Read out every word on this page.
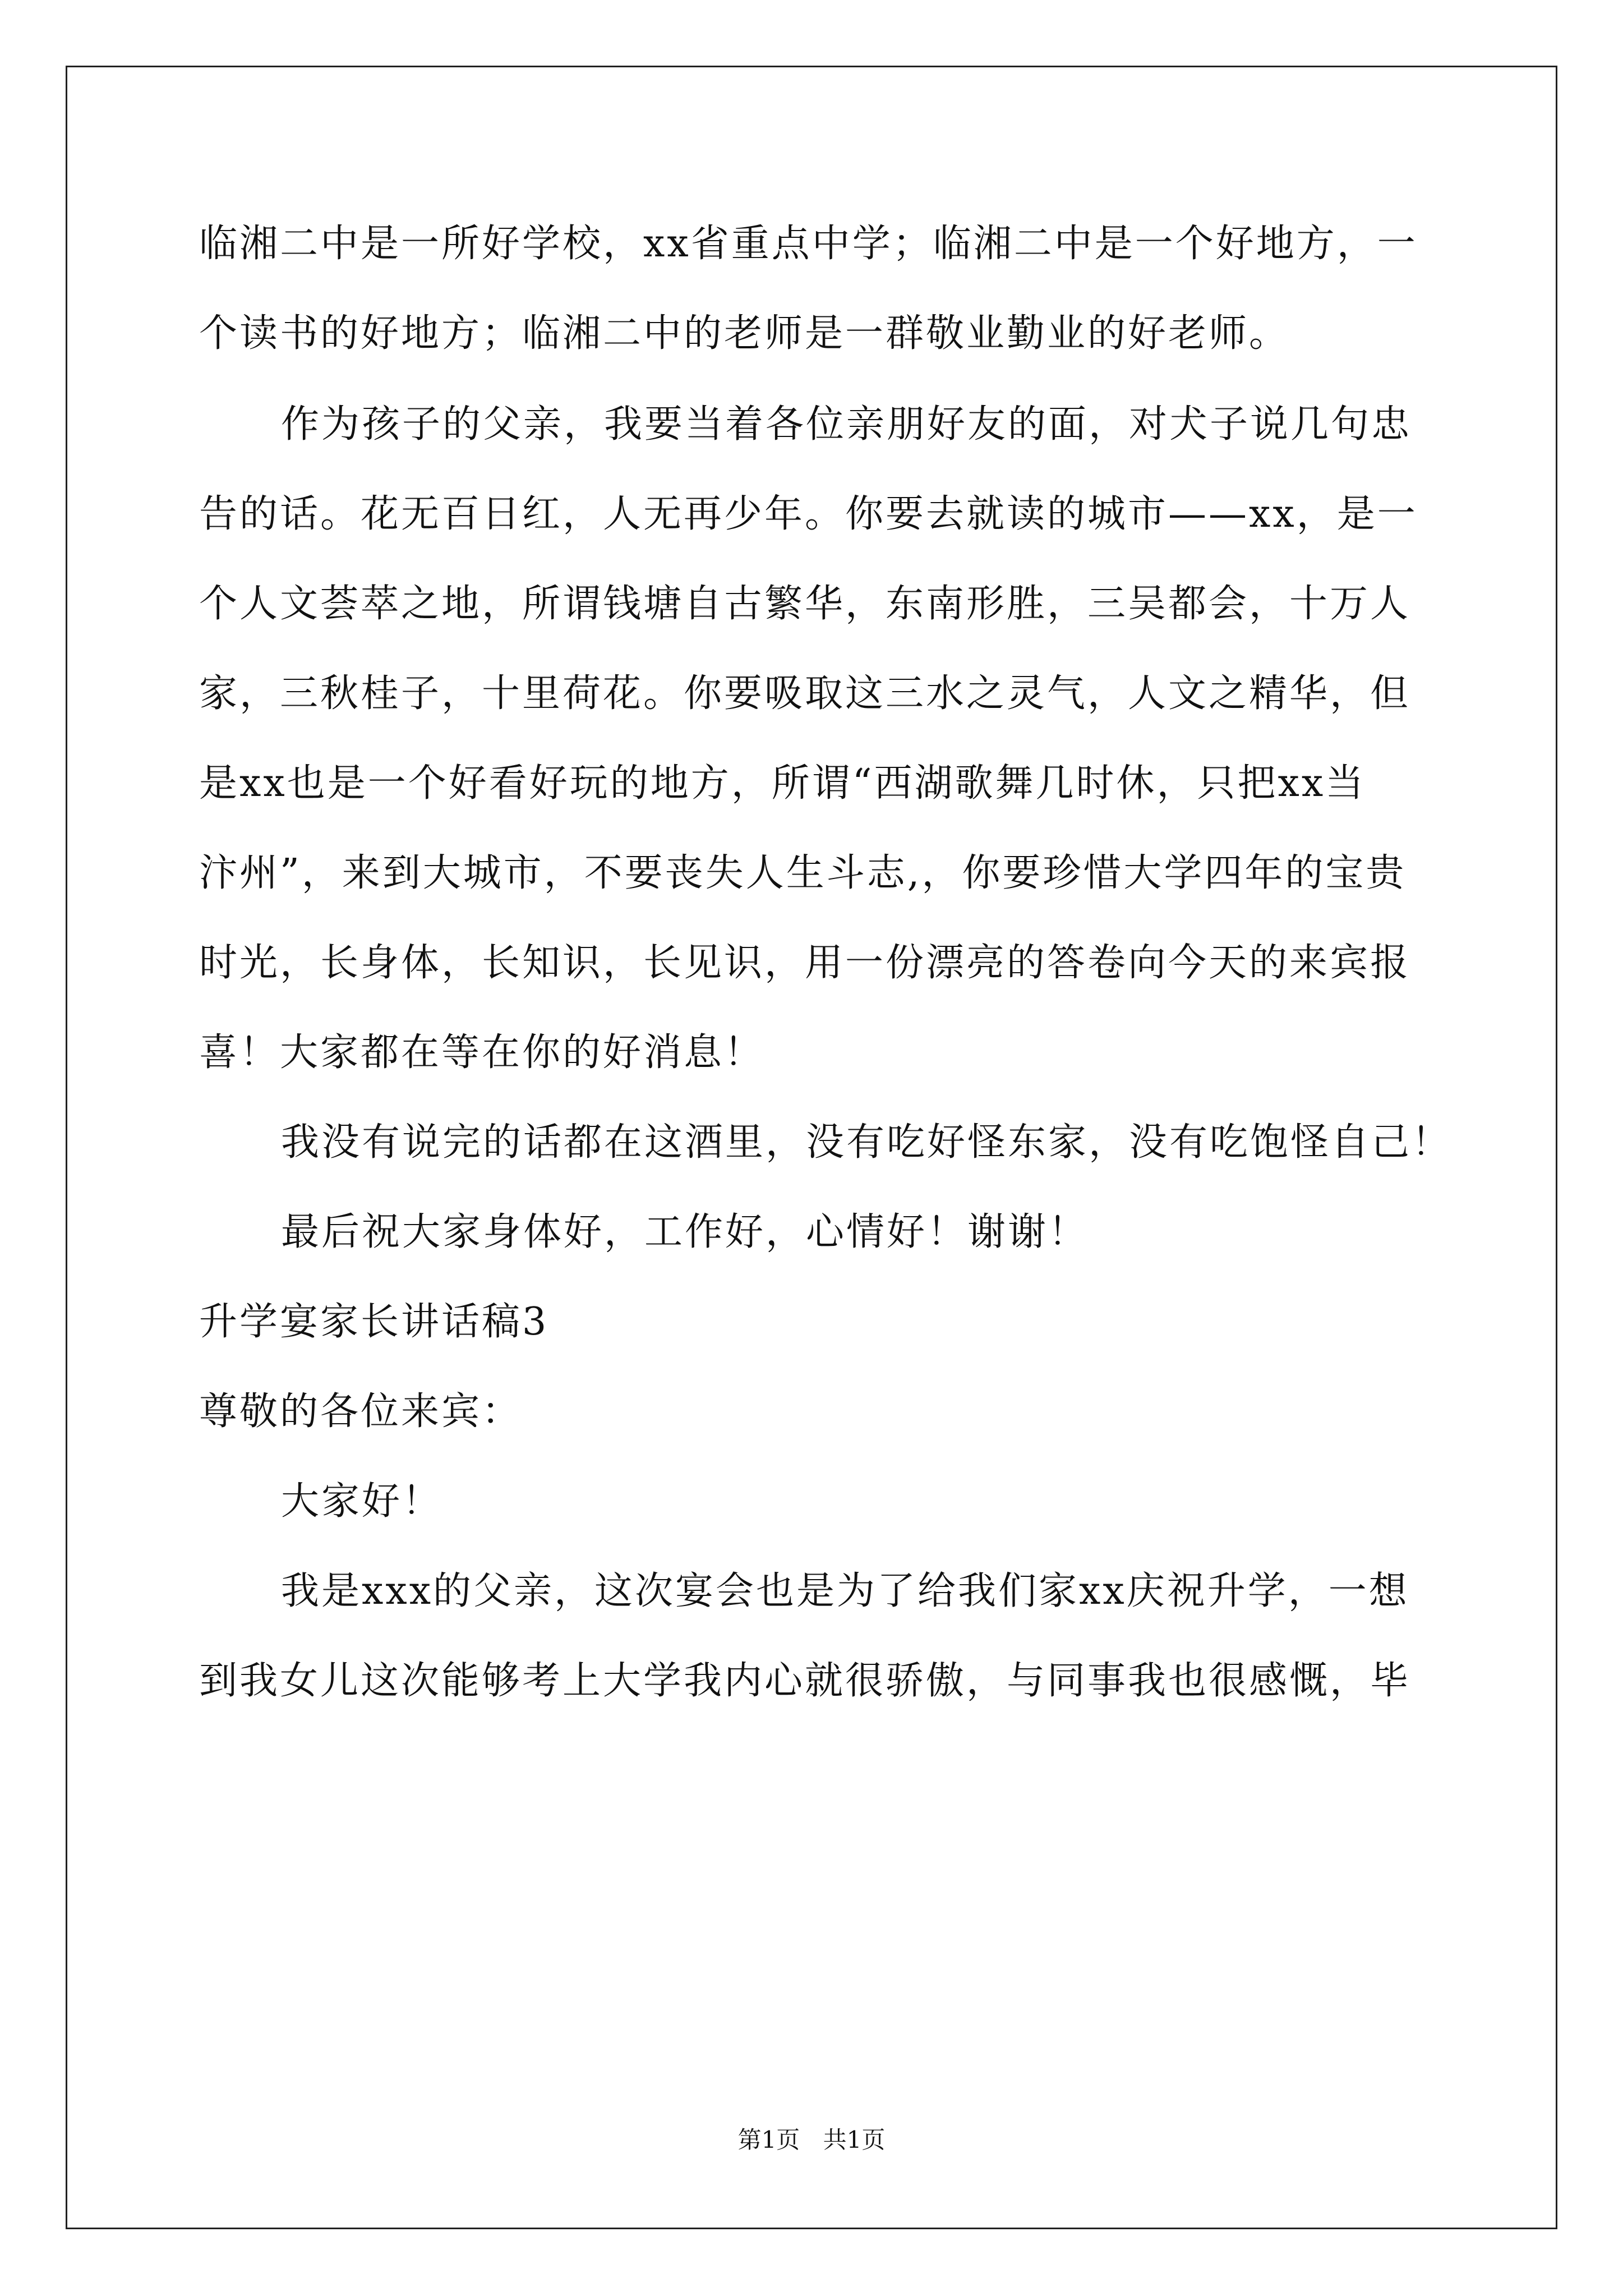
临湘二中是一所好学校，xx省重点中学；临湘二中是一个好地方，一
个读书的好地方；临湘二中的老师是一群敬业勤业的好老师。
作为孩子的父亲，我要当着各位亲朋好友的面，对犬子说几句忠
告的话。花无百日红，人无再少年。你要去就读的城市——xx，是一
个人文荟萃之地，所谓钱塘自古繁华，东南形胜，三吴都会，十万人
家，三秋桂子，十里荷花。你要吸取这三水之灵气，人文之精华，但
是xx也是一个好看好玩的地方，所谓“西湖歌舞几时休，只把xx当
汴州”，来到大城市，不要丧失人生斗志,，你要珍惜大学四年的宝贵
时光，长身体，长知识，长见识，用一份漂亮的答卷向今天的来宾报
喜！大家都在等在你的好消息！
我没有说完的话都在这酒里，没有吃好怪东家，没有吃饱怪自己！
最后祝大家身体好，工作好，心情好！谢谢！
升学宴家长讲话稿3
尊敬的各位来宾：
大家好！
我是xxx的父亲，这次宴会也是为了给我们家xx庆祝升学，一想
到我女儿这次能够考上大学我内心就很骄傲，与同事我也很感慨，毕
第1页 共1页
